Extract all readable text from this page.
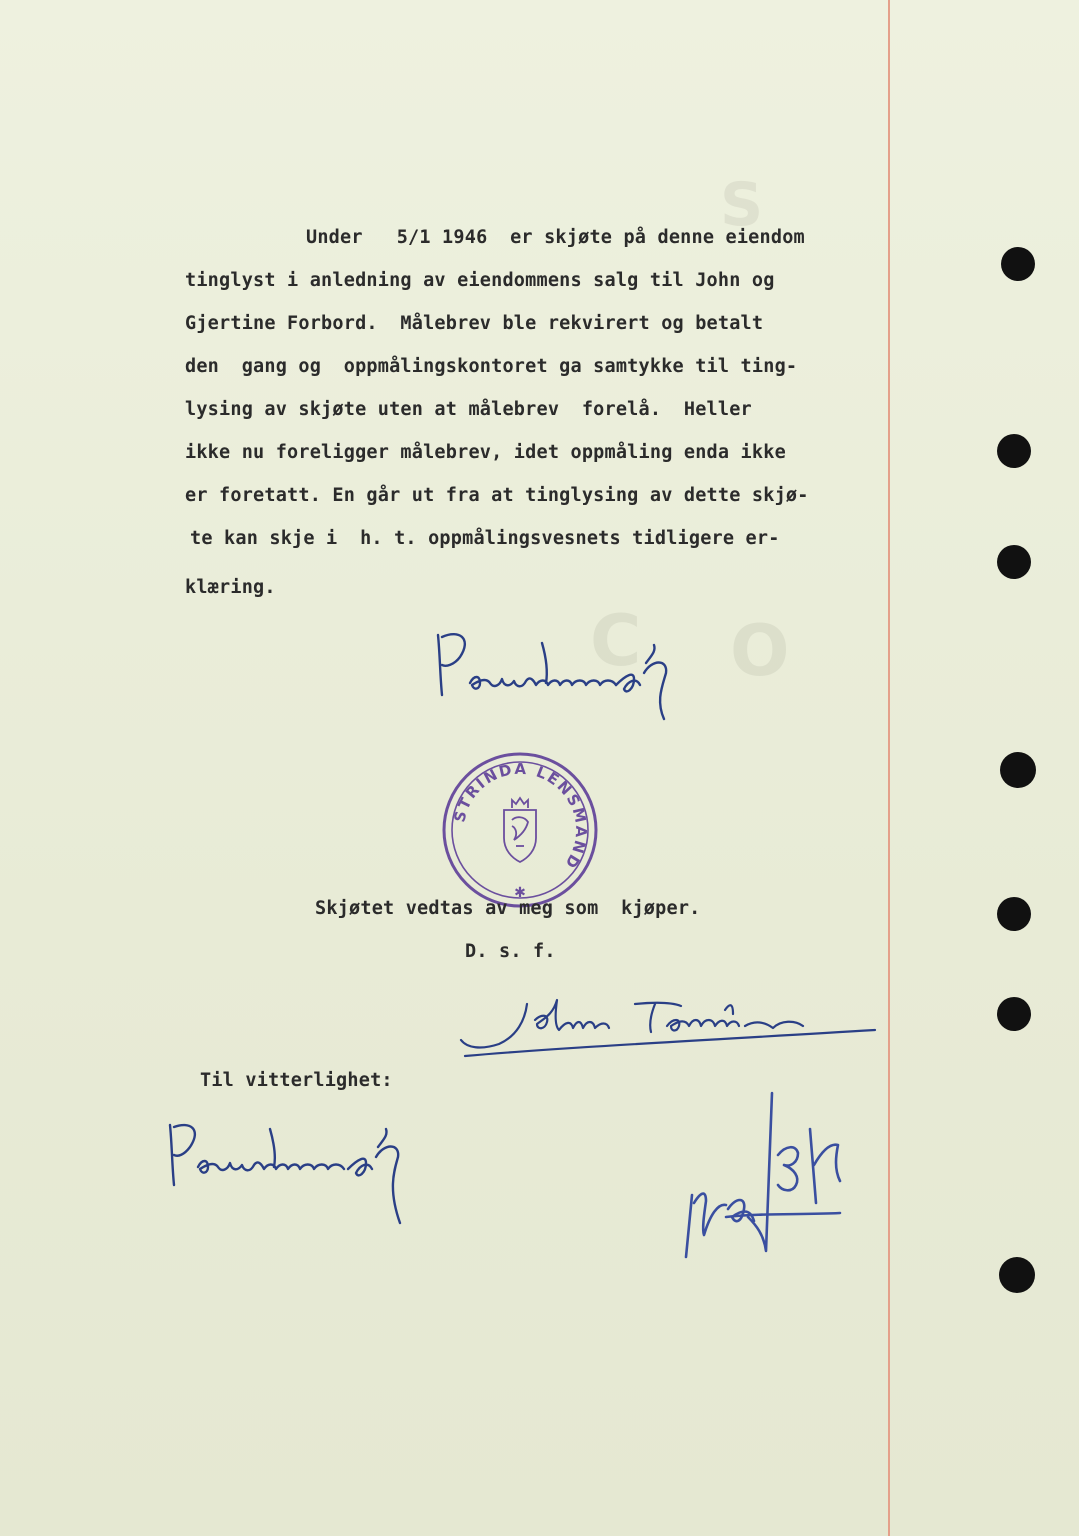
S
O
C
Under   5/1 1946  er skjøte på denne eiendom
tinglyst i anledning av eiendommens salg til John og
Gjertine Forbord.  Målebrev ble rekvirert og betalt
den  gang og  oppmålingskontoret ga samtykke til ting-
lysing av skjøte uten at målebrev  forelå.  Heller
ikke nu foreligger målebrev, idet oppmåling enda ikke
er foretatt. En går ut fra at tinglysing av dette skjø-
te kan skje i  h. t. oppmålingsvesnets tidligere er-
klæring.
STRINDA LENSMAND
✱
Skjøtet vedtas av meg som  kjøper.
D. s. f.
Til vitterlighet:
